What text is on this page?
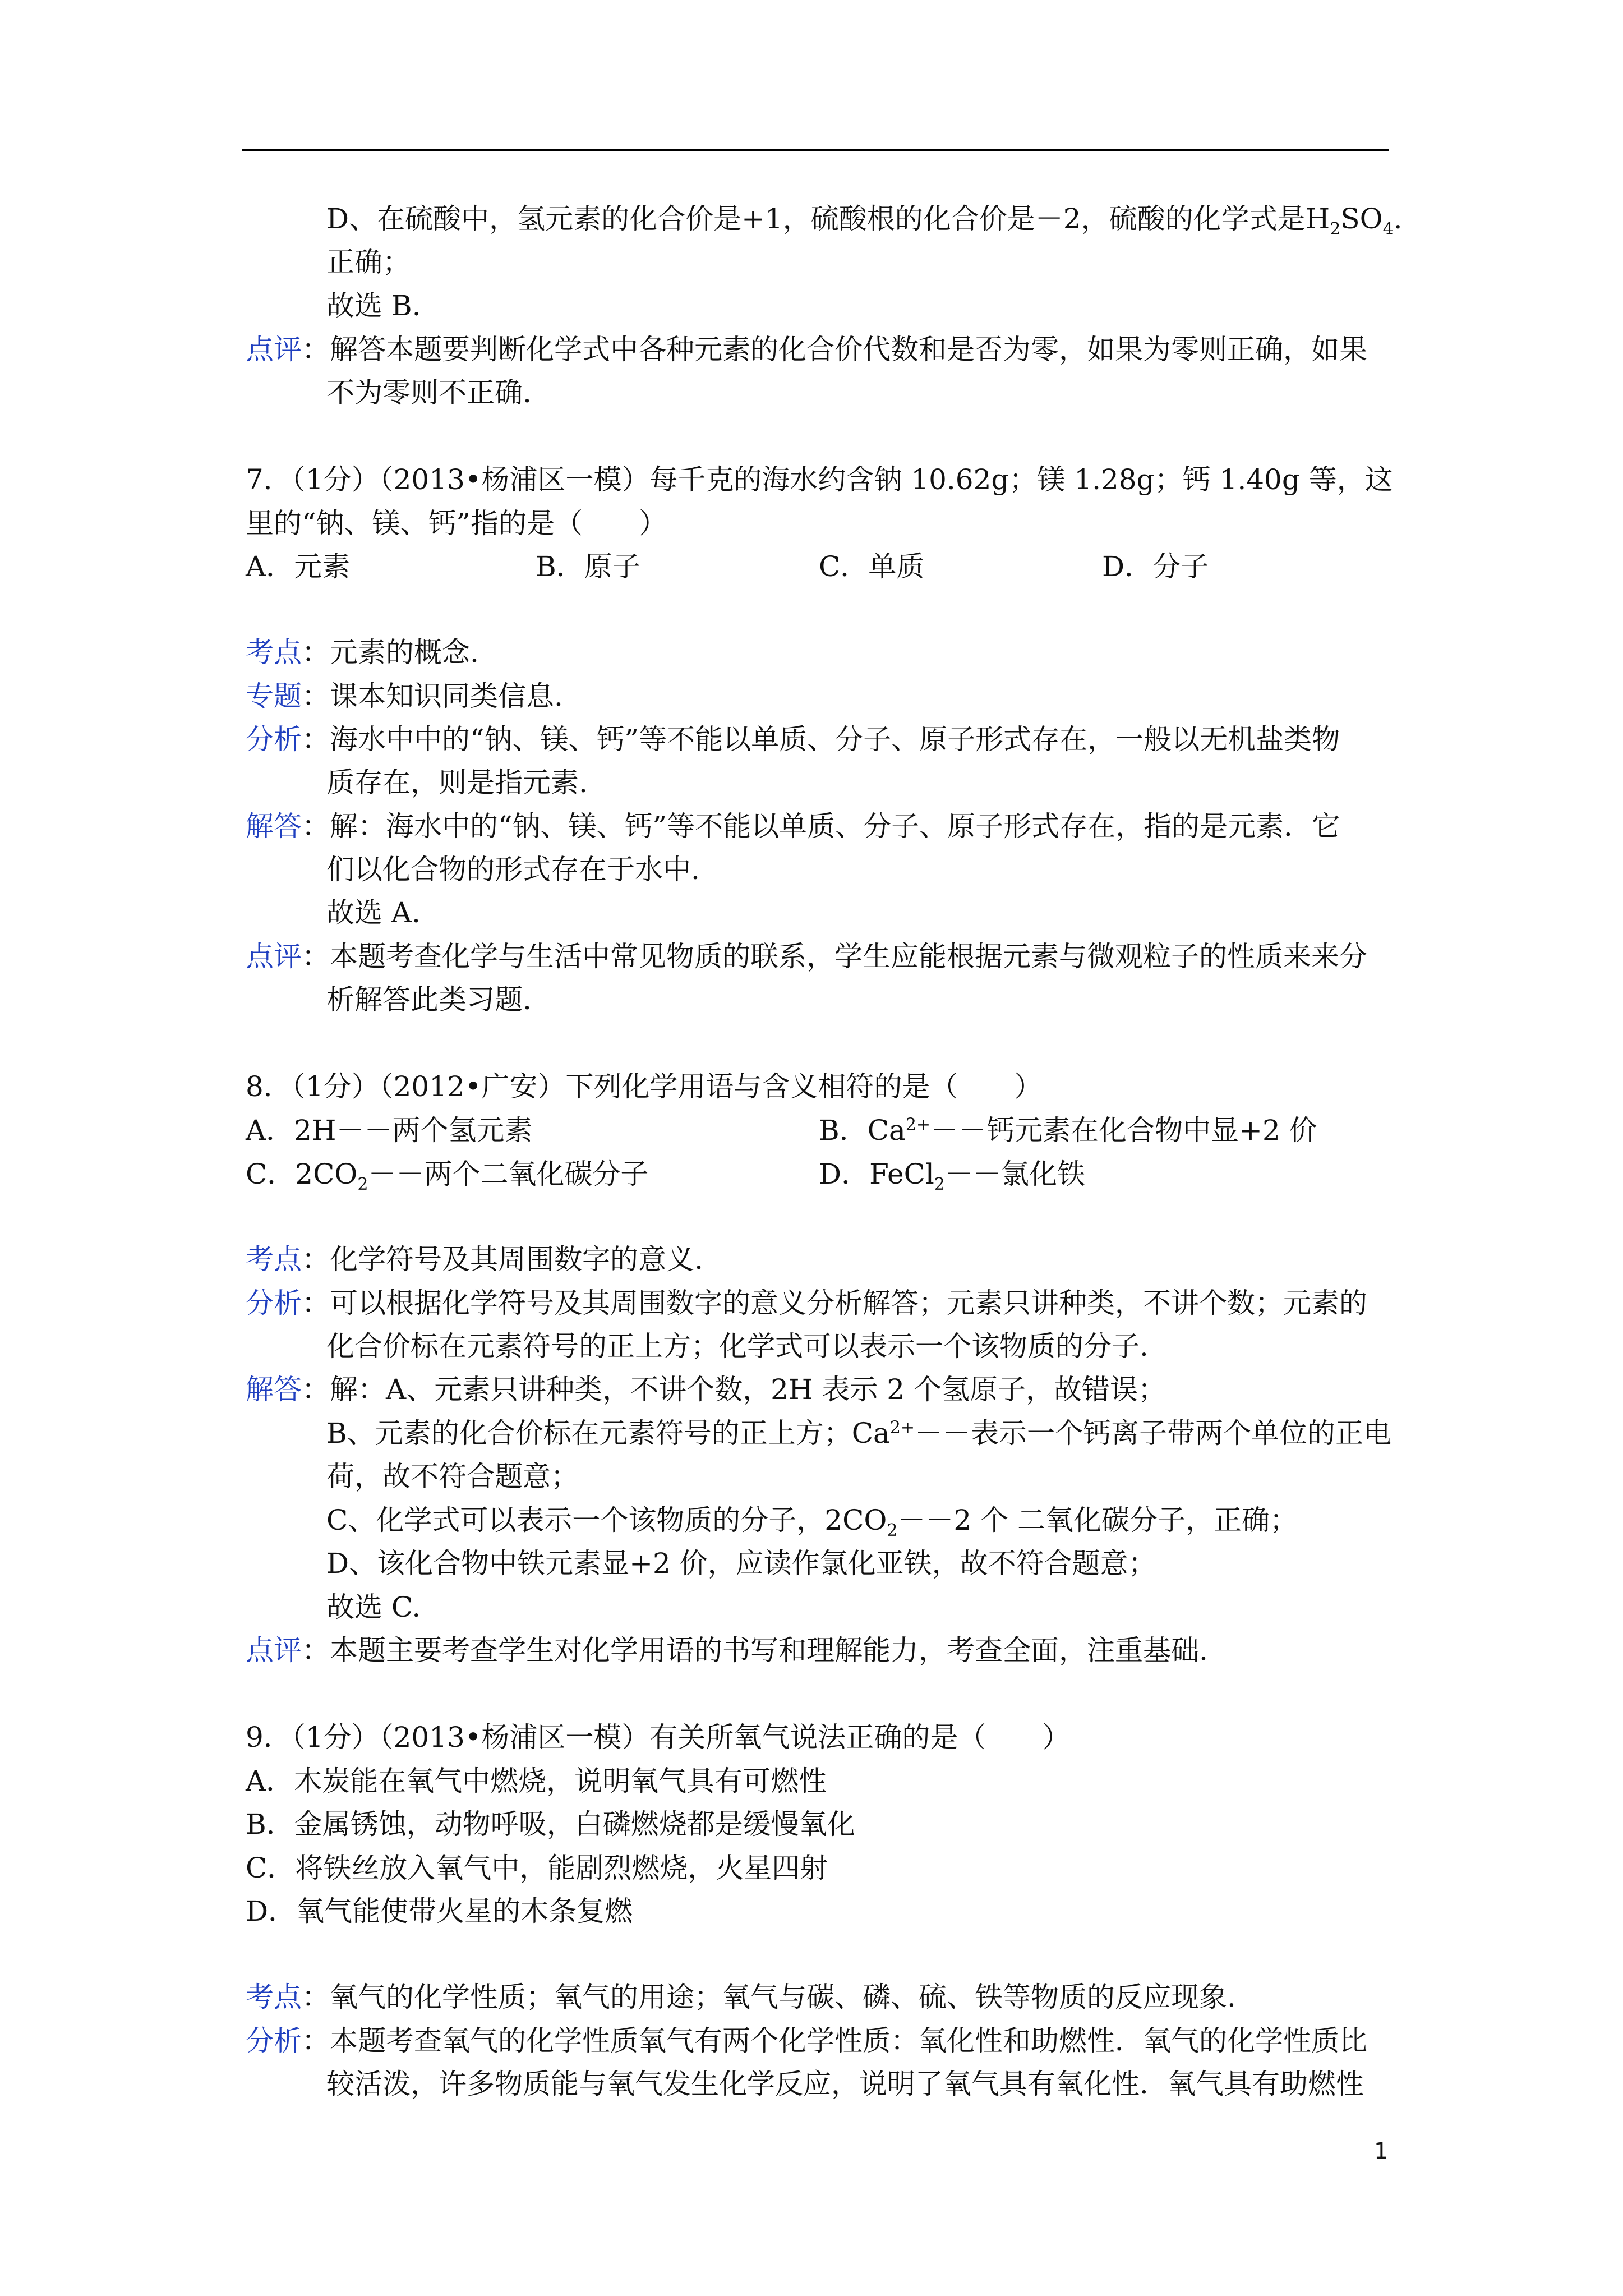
D、在硫酸中，氢元素的化合价是+1，硫酸根的化合价是－2，硫酸的化学式是$H_2SO_4$.
正确；
故选 B.
点评：解答本题要判断化学式中各种元素的化合价代数和是否为零，如果为零则正确，如果
不为零则不正确.
7．（1分）（2013•杨浦区一模）每千克的海水约含钠 10.62g；镁 1.28g；钙 1.40g 等，这
里的“钠、镁、钙”指的是（　　）
A．元素	B．原子	C．单质	D．分子
考点：元素的概念.
专题：课本知识同类信息.
分析：海水中中的“钠、镁、钙”等不能以单质、分子、原子形式存在，一般以无机盐类物
质存在，则是指元素.
解答：解：海水中的“钠、镁、钙”等不能以单质、分子、原子形式存在，指的是元素．它
们以化合物的形式存在于水中.
故选 A.
点评：本题考查化学与生活中常见物质的联系，学生应能根据元素与微观粒子的性质来来分
析解答此类习题.
8．（1分）（2012•广安）下列化学用语与含义相符的是（　　）
A．2H－－两个氢元素	B．$Ca^{2+}--$钙元素在化合物中显+2 价
C．$2CO_2--$两个二氧化碳分子	D．FeCl$_2$－－氯化铁
考点：化学符号及其周围数字的意义.
分析：可以根据化学符号及其周围数字的意义分析解答；元素只讲种类，不讲个数；元素的
化合价标在元素符号的正上方；化学式可以表示一个该物质的分子.
解答：解：A、元素只讲种类，不讲个数，2H 表示 2 个氢原子，故错误；
B、元素的化合价标在元素符号的正上方；$Ca^{2+}--$表示一个钙离子带两个单位的正电
荷，故不符合题意；
C、化学式可以表示一个该物质的分子，$2CO_2--2$ 个 二氧化碳分子，正确；
D、该化合物中铁元素显+2 价，应读作氯化亚铁，故不符合题意；
故选 C.
点评：本题主要考查学生对化学用语的书写和理解能力，考查全面，注重基础.
9．（1分）（2013•杨浦区一模）有关所氧气说法正确的是（　　）
A．木炭能在氧气中燃烧，说明氧气具有可燃性
B．金属锈蚀，动物呼吸，白磷燃烧都是缓慢氧化
C．将铁丝放入氧气中，能剧烈燃烧，火星四射
D．氧气能使带火星的木条复燃
考点：氧气的化学性质；氧气的用途；氧气与碳、磷、硫、铁等物质的反应现象.
分析：本题考查氧气的化学性质氧气有两个化学性质：氧化性和助燃性．氧气的化学性质比
较活泼，许多物质能与氧气发生化学反应，说明了氧气具有氧化性．氧气具有助燃性
1
